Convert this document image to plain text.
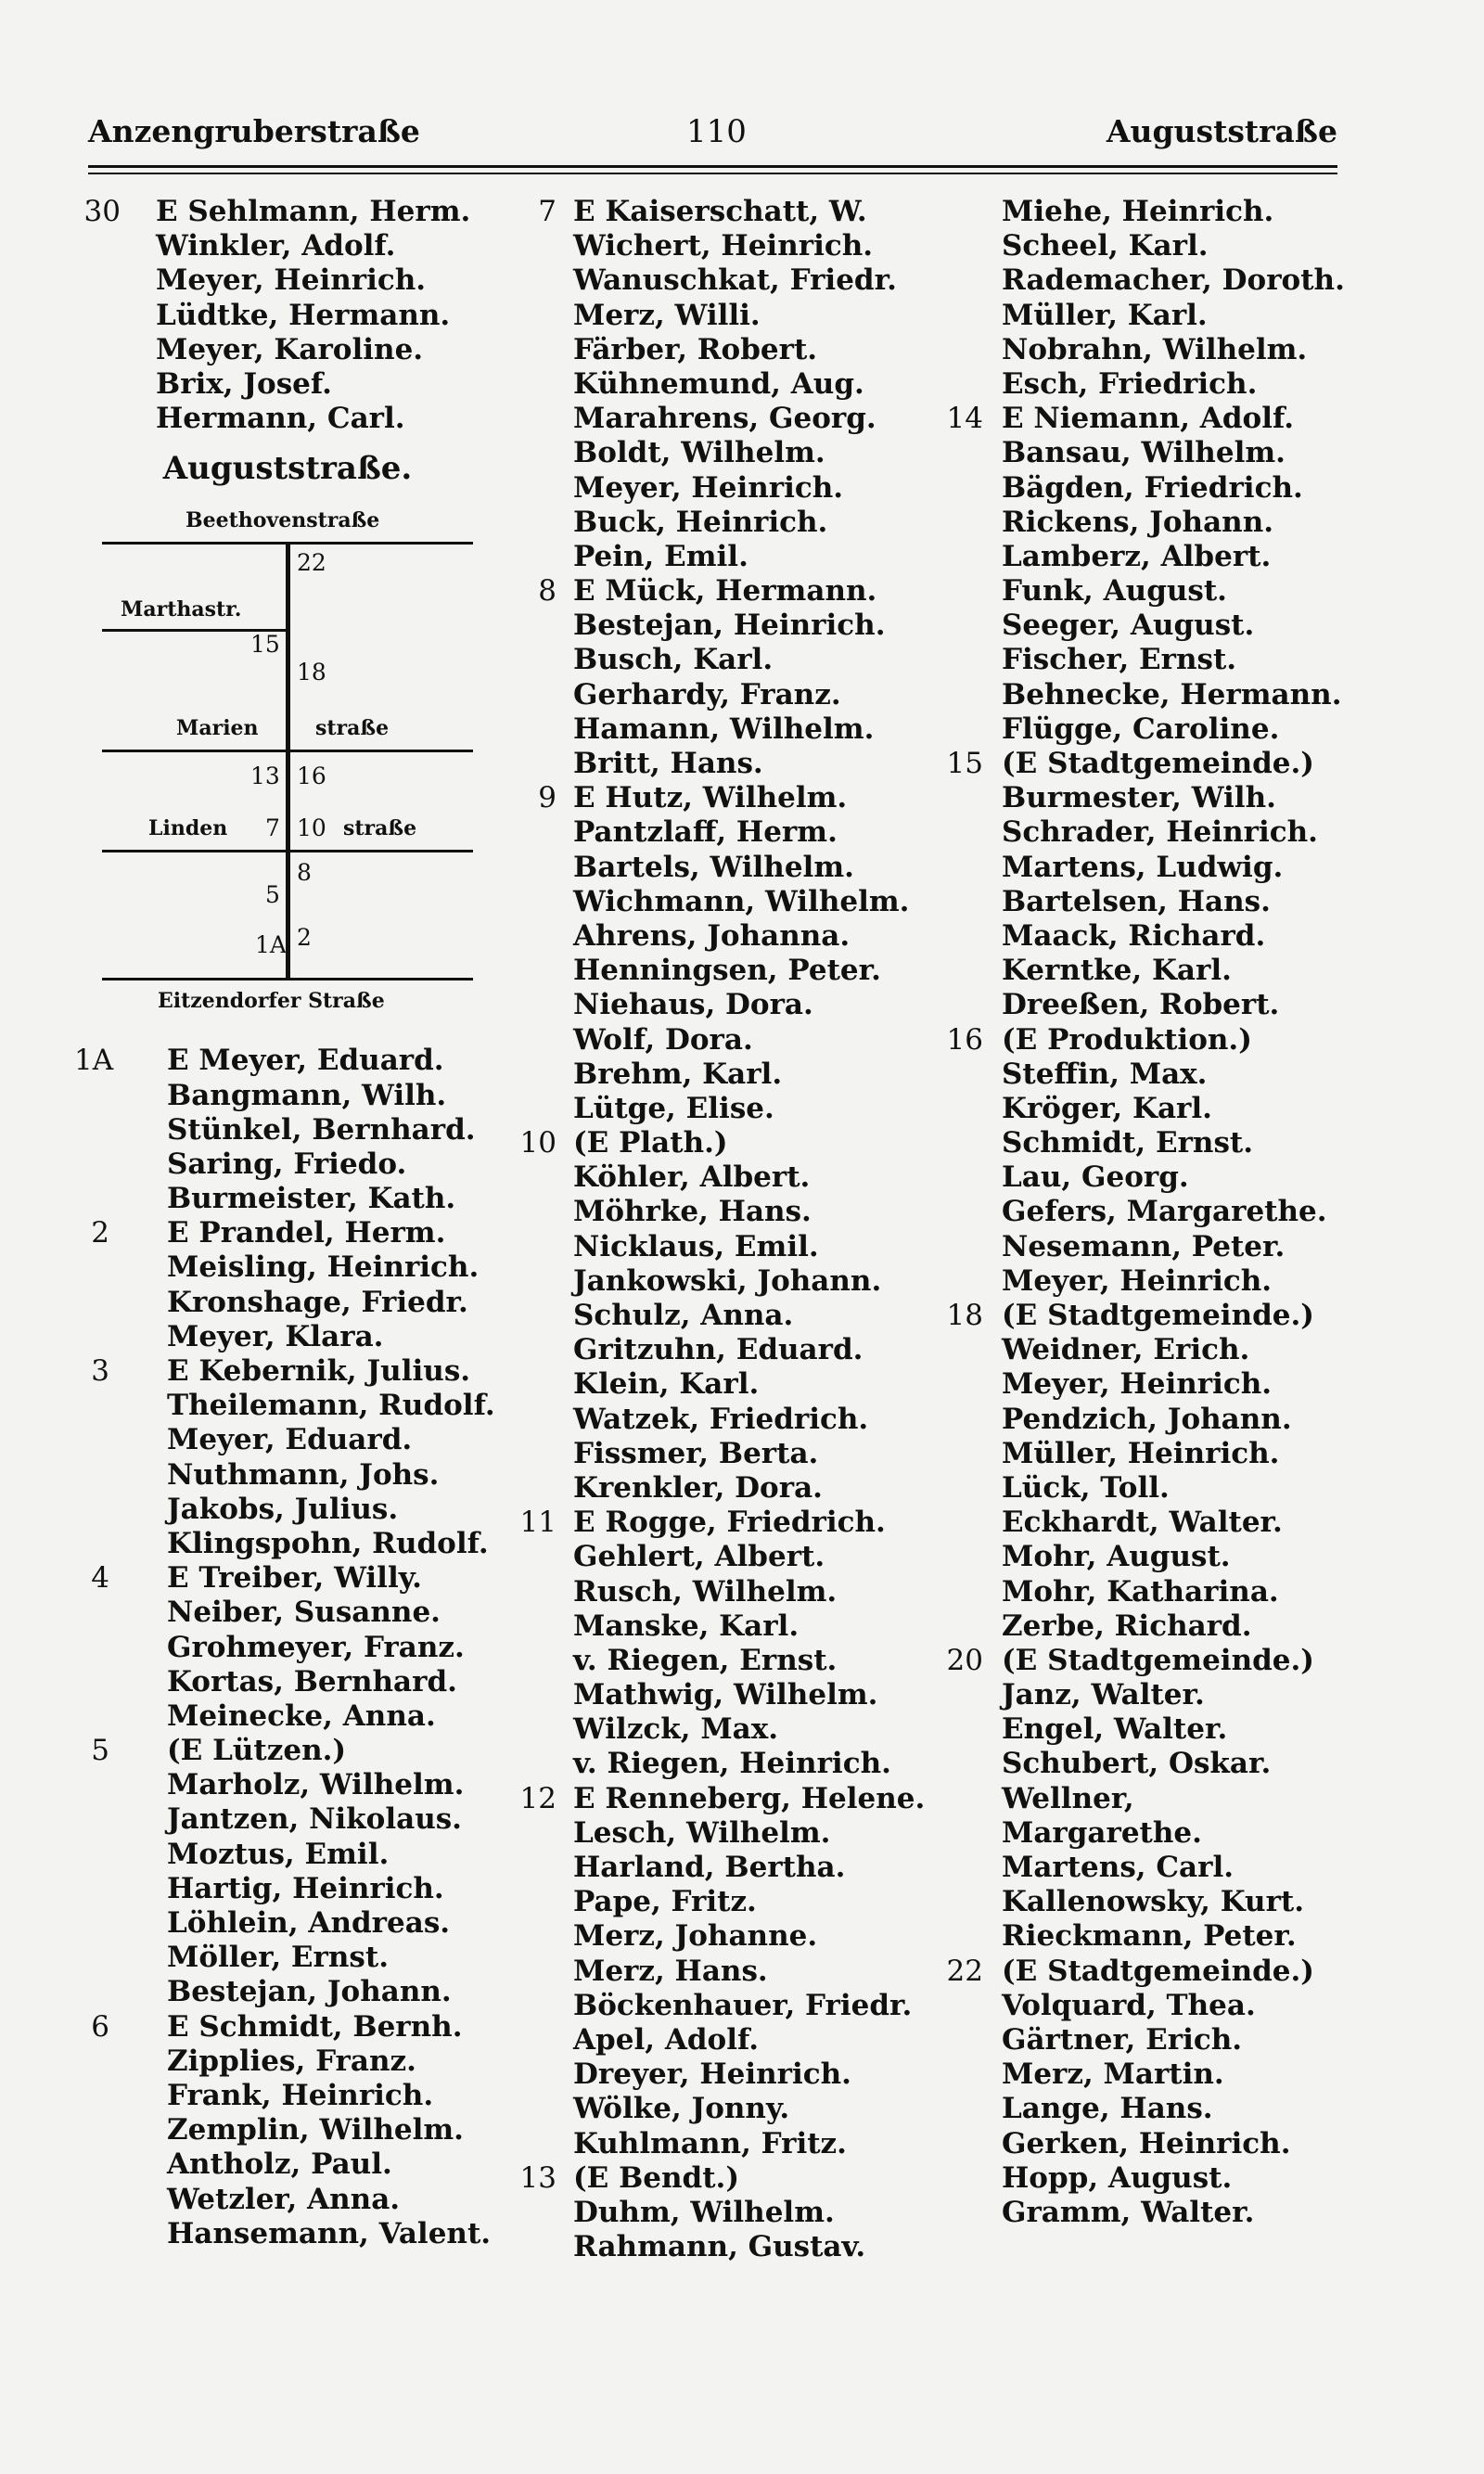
Anzengruberstraße	110	Auguststraße
30 E Sehlmann, Herm.
Winkler, Adolf.
Meyer, Heinrich.
Lüdtke, Hermann.
Meyer, Karoline.
Brix, Josef.
Hermann, Carl.
Auguststraße.
Beethovenstraße
22
Marthastr.
15
18
Marien	straße
13 16
Linden 7 10 straße
8
5
1A 2
Eitzendorfer Straße
1A E Meyer, Eduard.
Bangmann, Wilh.
Stünkel, Bernhard.
Saring, Friedo.
Burmeister, Kath.
2 E Prandel, Herm.
Meisling, Heinrich.
Kronshage, Friedr.
Meyer, Klara.
3 E Kebernik, Julius.
Theilemann, Rudolf.
Meyer, Eduard.
Nuthmann, Johs.
Jakobs, Julius.
Klingspohn, Rudolf.
4 E Treiber, Willy.
Neiber, Susanne.
Grohmeyer, Franz.
Kortas, Bernhard.
Meinecke, Anna.
5 (E Lützen.)
Marholz, Wilhelm.
Jantzen, Nikolaus.
Moztus, Emil.
Hartig, Heinrich.
Löhlein, Andreas.
Möller, Ernst.
Bestejan, Johann.
6 E Schmidt, Bernh.
Zipplies, Franz.
Frank, Heinrich.
Zemplin, Wilhelm.
Antholz, Paul.
Wetzler, Anna.
Hansemann, Valent.
7 E Kaiserschatt, W.
Wichert, Heinrich.
Wanuschkat, Friedr.
Merz, Willi.
Färber, Robert.
Kühnemund, Aug.
Marahrens, Georg.
Boldt, Wilhelm.
Meyer, Heinrich.
Buck, Heinrich.
Pein, Emil.
8 E Mück, Hermann.
Bestejan, Heinrich.
Busch, Karl.
Gerhardy, Franz.
Hamann, Wilhelm.
Britt, Hans.
9 E Hutz, Wilhelm.
Pantzlaff, Herm.
Bartels, Wilhelm.
Wichmann, Wilhelm.
Ahrens, Johanna.
Henningsen, Peter.
Niehaus, Dora.
Wolf, Dora.
Brehm, Karl.
Lütge, Elise.
10 (E Plath.)
Köhler, Albert.
Möhrke, Hans.
Nicklaus, Emil.
Jankowski, Johann.
Schulz, Anna.
Gritzuhn, Eduard.
Klein, Karl.
Watzek, Friedrich.
Fissmer, Berta.
Krenkler, Dora.
11 E Rogge, Friedrich.
Gehlert, Albert.
Rusch, Wilhelm.
Manske, Karl.
v. Riegen, Ernst.
Mathwig, Wilhelm.
Wilzck, Max.
v. Riegen, Heinrich.
12 E Renneberg, Helene.
Lesch, Wilhelm.
Harland, Bertha.
Pape, Fritz.
Merz, Johanne.
Merz, Hans.
Böckenhauer, Friedr.
Apel, Adolf.
Dreyer, Heinrich.
Wölke, Jonny.
Kuhlmann, Fritz.
13 (E Bendt.)
Duhm, Wilhelm.
Rahmann, Gustav.
Miehe, Heinrich.
Scheel, Karl.
Rademacher, Doroth.
Müller, Karl.
Nobrahn, Wilhelm.
Esch, Friedrich.
14 E Niemann, Adolf.
Bansau, Wilhelm.
Bägden, Friedrich.
Rickens, Johann.
Lamberz, Albert.
Funk, August.
Seeger, August.
Fischer, Ernst.
Behnecke, Hermann.
Flügge, Caroline.
15 (E Stadtgemeinde.)
Burmester, Wilh.
Schrader, Heinrich.
Martens, Ludwig.
Bartelsen, Hans.
Maack, Richard.
Kerntke, Karl.
Dreeßen, Robert.
16 (E Produktion.)
Steffin, Max.
Kröger, Karl.
Schmidt, Ernst.
Lau, Georg.
Gefers, Margarethe.
Nesemann, Peter.
Meyer, Heinrich.
18 (E Stadtgemeinde.)
Weidner, Erich.
Meyer, Heinrich.
Pendzich, Johann.
Müller, Heinrich.
Lück, Toll.
Eckhardt, Walter.
Mohr, August.
Mohr, Katharina.
Zerbe, Richard.
20 (E Stadtgemeinde.)
Janz, Walter.
Engel, Walter.
Schubert, Oskar.
Wellner,
Margarethe.
Martens, Carl.
Kallenowsky, Kurt.
Rieckmann, Peter.
22 (E Stadtgemeinde.)
Volquard, Thea.
Gärtner, Erich.
Merz, Martin.
Lange, Hans.
Gerken, Heinrich.
Hopp, August.
Gramm, Walter.
